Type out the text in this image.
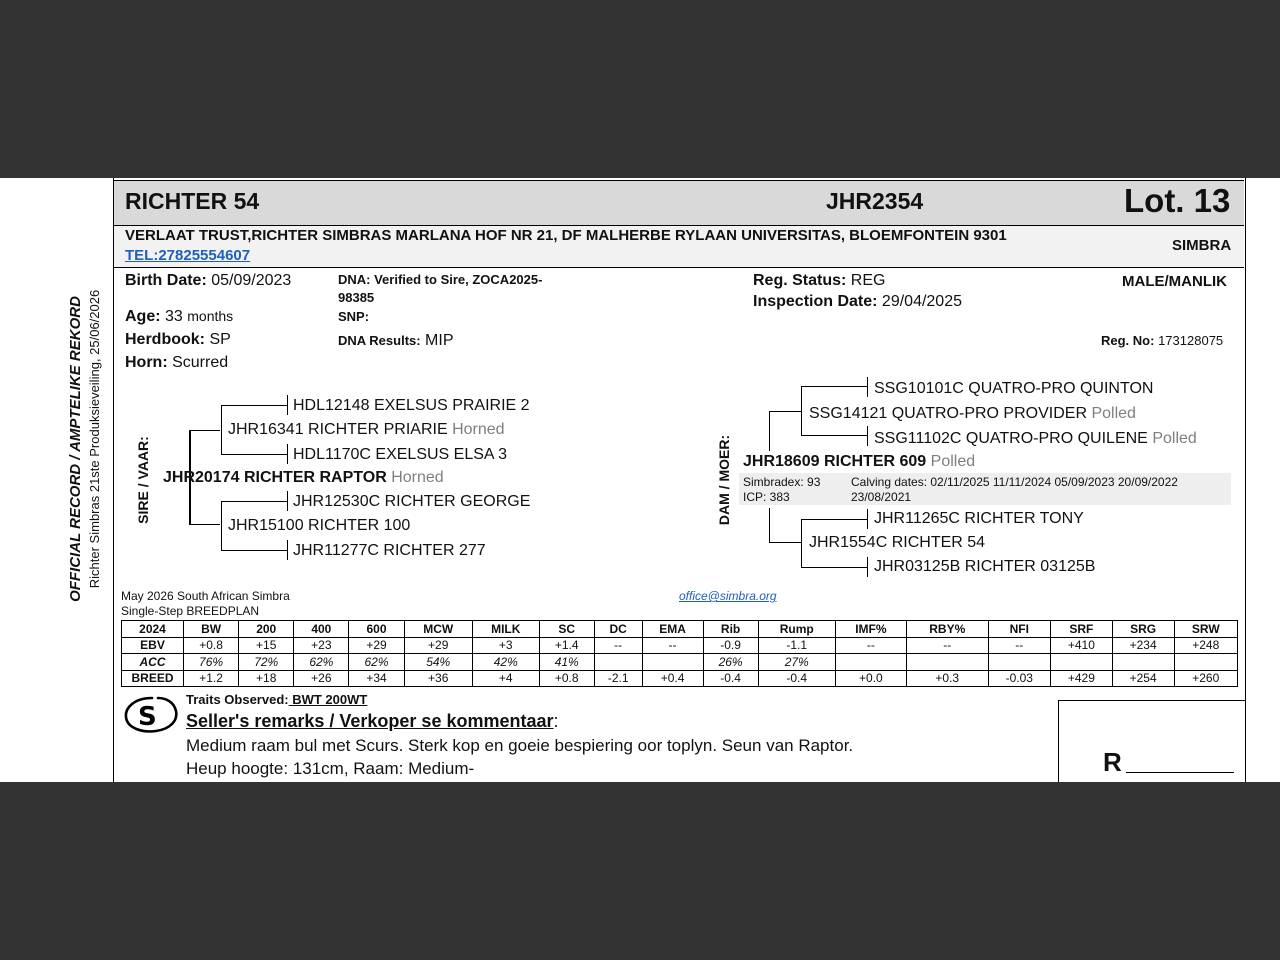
OFFICIAL RECORD / AMPTELIKE REKORD Richter Simbras 21ste Produksieveiling, 25/06/2026
RICHTER 54	JHR2354	Lot. 13
VERLAAT TRUST,RICHTER SIMBRAS MARLANA HOF NR 21, DF MALHERBE RYLAAN UNIVERSITAS, BLOEMFONTEIN 9301
TEL:27825554607
SIMBRA
Birth Date: 05/09/2023
Age: 33 months
Herdbook: SP
Horn: Scurred
DNA: Verified to Sire, ZOCA2025-
98385
SNP:
DNA Results: MIP
Reg. Status: REG
Inspection Date: 29/04/2025
MALE/MANLIK
Reg. No: 173128075
SIRE / VAAR:
HDL12148 EXELSUS PRAIRIE 2
JHR16341 RICHTER PRIARIE Horned
HDL1170C EXELSUS ELSA 3
JHR20174 RICHTER RAPTOR Horned
JHR12530C RICHTER GEORGE
JHR15100 RICHTER 100
JHR11277C RICHTER 277
DAM / MOER:
SSG10101C QUATRO-PRO QUINTON
SSG14121 QUATRO-PRO PROVIDER Polled
SSG11102C QUATRO-PRO QUILENE Polled
JHR18609 RICHTER 609 Polled
Simbradex: 93
ICP: 383
Calving dates: 02/11/2025 11/11/2024 05/09/2023 20/09/2022
23/08/2021
JHR11265C RICHTER TONY
JHR1554C RICHTER 54
JHR03125B RICHTER 03125B
May 2026 South African Simbra
Single-Step BREEDPLAN
office@simbra.org
2024	BW	200	400	600	MCW	MILK	SC	DC	EMA	Rib	Rump	IMF%	RBY%	NFI	SRF	SRG	SRW
EBV	+0.8	+15	+23	+29	+29	+3	+1.4	--	--	-0.9	-1.1	--	--	--	+410	+234	+248
ACC	76%	72%	62%	62%	54%	42%	41%			26%	27%						
BREED	+1.2	+18	+26	+34	+36	+4	+0.8	-2.1	+0.4	-0.4	-0.4	+0.0	+0.3	-0.03	+429	+254	+260
Traits Observed: BWT 200WT
S Seller's remarks / Verkoper se kommentaar:
Medium raam bul met Scurs. Sterk kop en goeie bespiering oor toplyn. Seun van Raptor.
Heup hoogte: 131cm, Raam: Medium-	R
